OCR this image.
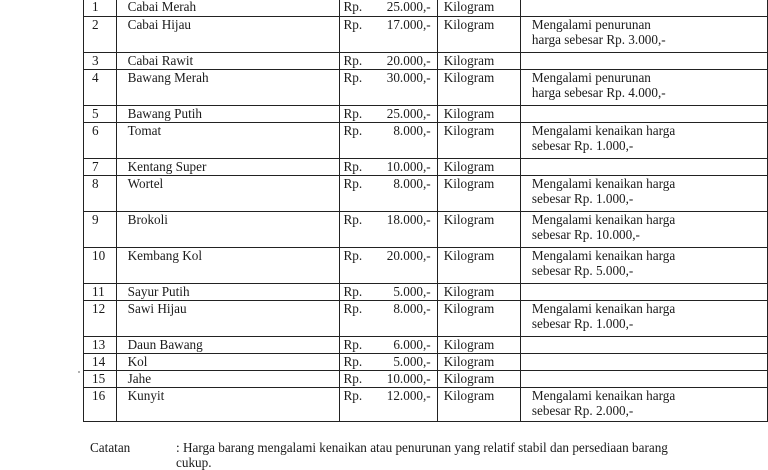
1	Cabai Merah	Rp. 25.000,-	Kilogram	
2	Cabai Hijau	Rp. 17.000,-	Kilogram	Mengalami penurunan
harga sebesar Rp. 3.000,-

3	Cabai Rawit	Rp. 20.000,-	Kilogram	
4	Bawang Merah	Rp. 30.000,-	Kilogram	Mengalami penurunan
harga sebesar Rp. 4.000,-

5	Bawang Putih	Rp. 25.000,-	Kilogram	
6	Tomat	Rp. 8.000,-	Kilogram	Mengalami kenaikan harga
sebesar Rp. 1.000,-

7	Kentang Super	Rp. 10.000,-	Kilogram	
8	Wortel	Rp. 8.000,-	Kilogram	Mengalami kenaikan harga
sebesar Rp. 1.000,-

9	Brokoli	Rp. 18.000,-	Kilogram	Mengalami kenaikan harga
sebesar Rp. 10.000,-

10	Kembang Kol	Rp. 20.000,-	Kilogram	Mengalami kenaikan harga
sebesar Rp. 5.000,-

11	Sayur Putih	Rp. 5.000,-	Kilogram	
12	Sawi Hijau	Rp. 8.000,-	Kilogram	Mengalami kenaikan harga
sebesar Rp. 1.000,-

13	Daun Bawang	Rp. 6.000,-	Kilogram	
14	Kol	Rp. 5.000,-	Kilogram	
15	Jahe	Rp. 10.000,-	Kilogram	
16	Kunyit	Rp. 12.000,-	Kilogram	Mengalami kenaikan harga
sebesar Rp. 2.000,-
Catatan	: Harga barang mengalami kenaikan atau penurunan yang relatif stabil dan persediaan barang cukup.
